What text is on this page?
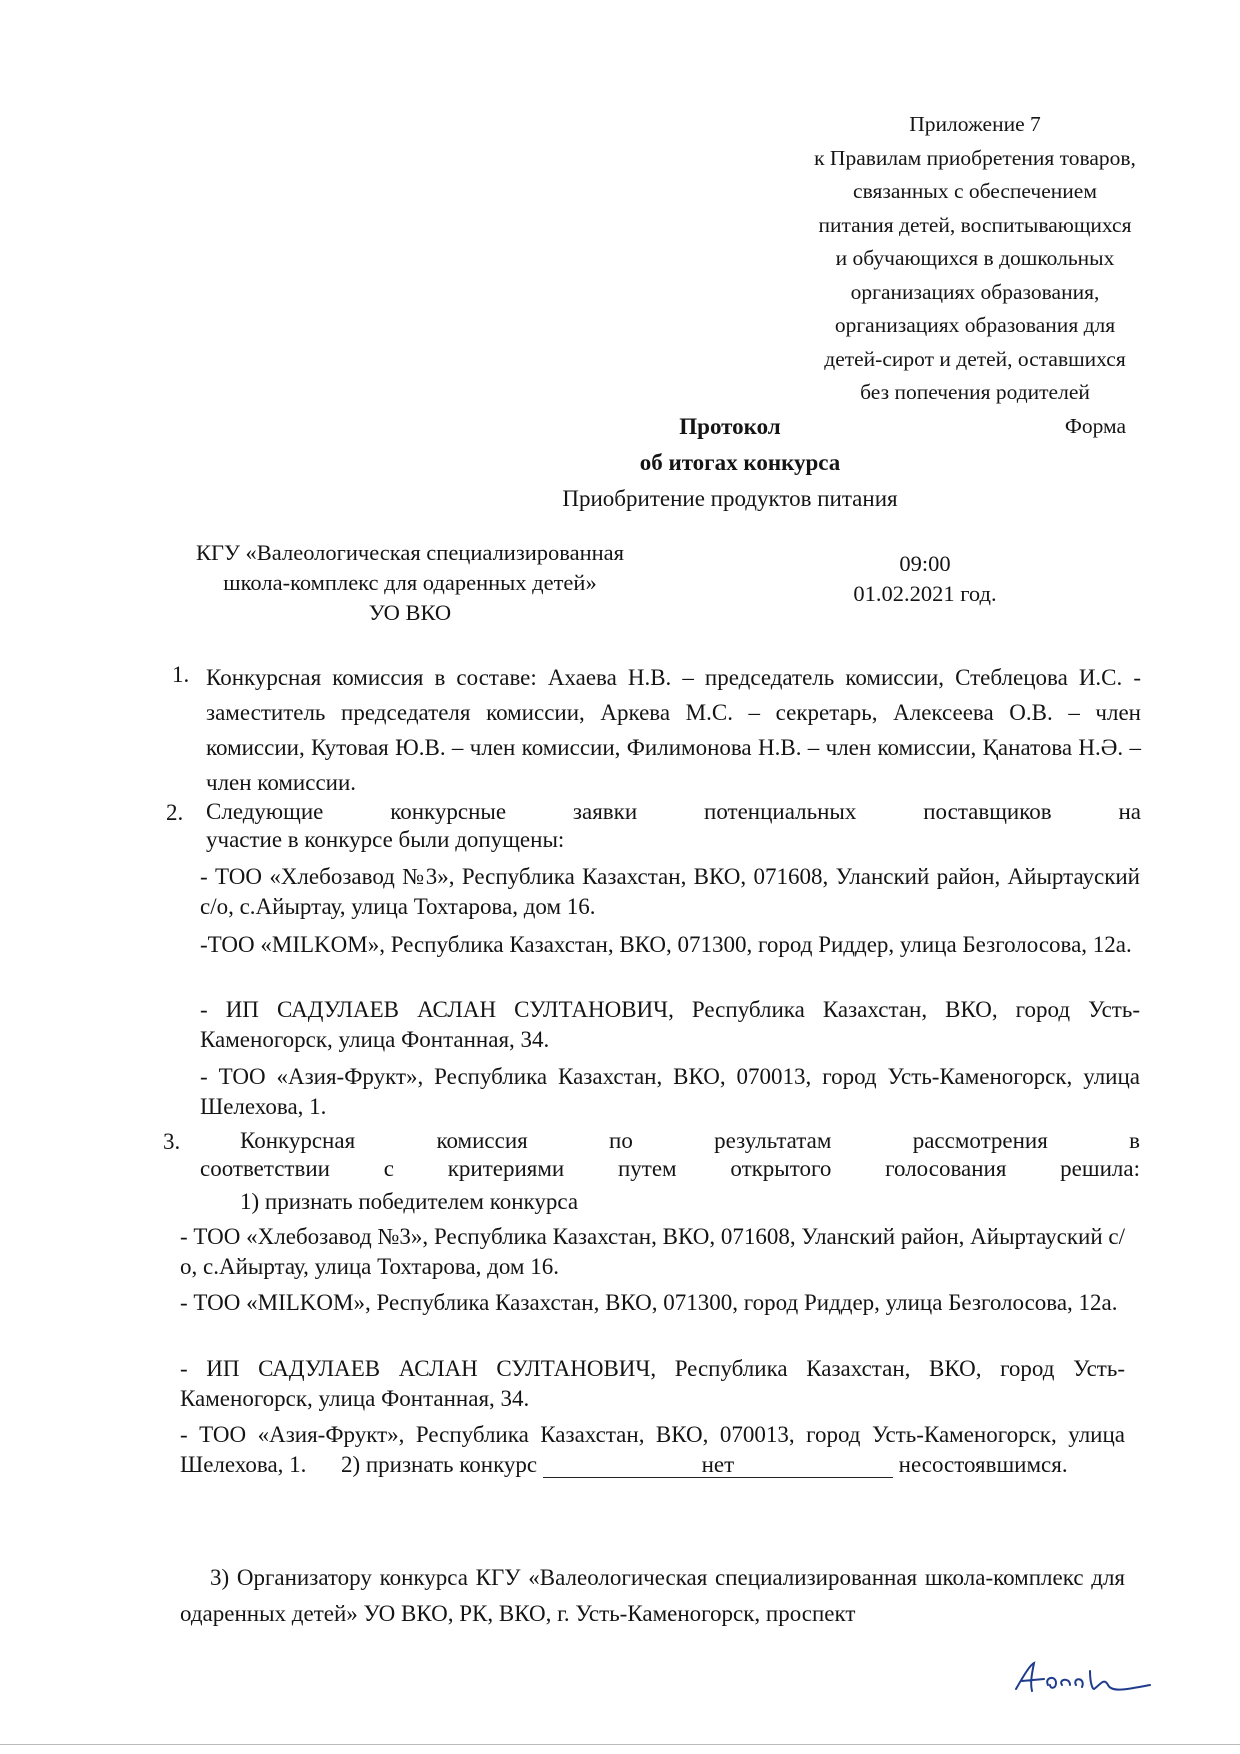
Приложение 7
к Правилам приобретения товаров,
связанных с обеспечением
питания детей, воспитывающихся
и обучающихся в дошкольных
организациях образования,
организациях образования для
детей-сирот и детей, оставшихся
без попечения родителей
Форма
Протокол
об итогах конкурса
Приобритение продуктов питания
КГУ «Валеологическая специализированная
школа-комплекс для одаренных детей»
УО ВКО
09:00
01.02.2021 год.
1. Конкурсная комиссия в составе: Ахаева Н.В. – председатель комиссии, Стеблецова И.С. - заместитель председателя комиссии, Аркева М.С. – секретарь, Алексеева О.В. – член комиссии, Кутовая Ю.В. – член комиссии, Филимонова Н.В. – член комиссии, Қанатова Н.Ә. – член комиссии.
2. Следующие конкурсные заявки потенциальных поставщиков на
участие в конкурсе были допущены:
- ТОО «Хлебозавод №3», Республика Казахстан, ВКО, 071608, Уланский район, Айыртауский с/о, с.Айыртау, улица Тохтарова, дом 16.
-ТОО «MILKOM», Республика Казахстан, ВКО, 071300, город Риддер, улица Безголосова, 12а.
- ИП САДУЛАЕВ АСЛАН СУЛТАНОВИЧ, Республика Казахстан, ВКО, город Усть-Каменогорск, улица Фонтанная, 34.
- ТОО «Азия-Фрукт», Республика Казахстан, ВКО, 070013, город Усть-Каменогорск, улица Шелехова, 1.
3.	Конкурсная комиссия по результатам рассмотрения в
соответствии с критериями путем открытого голосования решила:
1) признать победителем конкурса
- ТОО «Хлебозавод №3», Республика Казахстан, ВКО, 071608, Уланский район, Айыртауский с/о, с.Айыртау, улица Тохтарова, дом 16.
- ТОО «MILKOM», Республика Казахстан, ВКО, 071300, город Риддер, улица Безголосова, 12а.
- ИП САДУЛАЕВ АСЛАН СУЛТАНОВИЧ, Республика Казахстан, ВКО, город Усть-Каменогорск, улица Фонтанная, 34.
- ТОО «Азия-Фрукт», Республика Казахстан, ВКО, 070013, город Усть-Каменогорск, улица Шелехова, 1. 2) признать конкурс	нет	несостоявшимся.
3) Организатору конкурса КГУ «Валеологическая специализированная школа-комплекс для одаренных детей» УО ВКО, РК, ВКО, г. Усть-Каменогорск, проспект
